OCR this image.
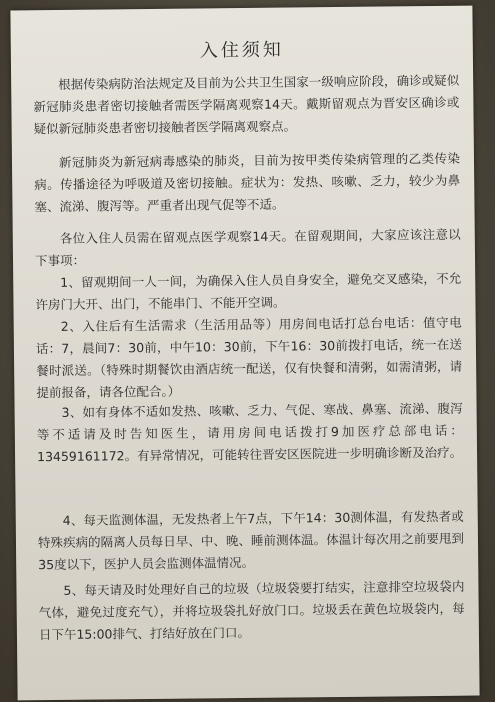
入住须知
根据传染病防治法规定及目前为公共卫生国家一级响应阶段，确诊或疑似新冠肺炎患者密切接触者需医学隔离观察14天。戴斯留观点为晋安区确诊或疑似新冠肺炎患者密切接触者医学隔离观察点。
新冠肺炎为新冠病毒感染的肺炎，目前为按甲类传染病管理的乙类传染病。传播途径为呼吸道及密切接触。症状为：发热、咳嗽、乏力，较少为鼻塞、流涕、腹泻等。严重者出现气促等不适。
各位入住人员需在留观点医学观察14天。在留观期间，大家应该注意以下事项：
1、留观期间一人一间，为确保入住人员自身安全，避免交叉感染，不允许房门大开、出门，不能串门、不能开空调。
2、入住后有生活需求（生活用品等）用房间电话打总台电话：值守电话：7，晨间7：30前，中午10：30前，下午16：30前拨打电话，统一在送餐时派送。（特殊时期餐饮由酒店统一配送，仅有快餐和清粥，如需清粥，请提前报备，请各位配合。）
3、如有身体不适如发热、咳嗽、乏力、气促、寒战、鼻塞、流涕、腹泻等不适请及时告知医生，请用房间电话拨打9加医疗总部电话：13459161172。有异常情况，可能转往晋安区医院进一步明确诊断及治疗。
4、每天监测体温，无发热者上午7点，下午14：30测体温，有发热者或特殊疾病的隔离人员每日早、中、晚、睡前测体温。体温计每次用之前要甩到35度以下，医护人员会监测体温情况。
5、每天请及时处理好自己的垃圾（垃圾袋要打结实，注意排空垃圾袋内气体，避免过度充气），并将垃圾袋扎好放门口。垃圾丢在黄色垃圾袋内，每日下午15:00排气、打结好放在门口。
